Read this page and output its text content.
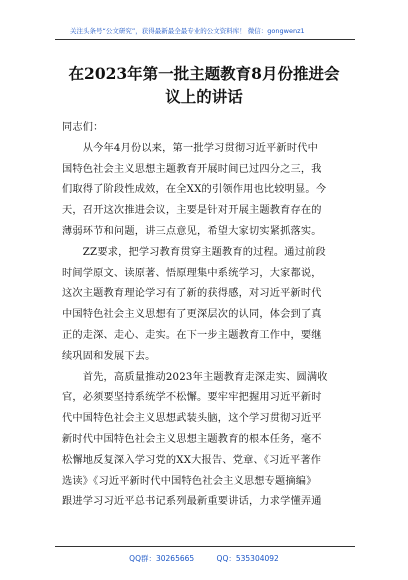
关注头条号“公文研究”，获得最新最全最专业的公文资料库！ 微信：gongwenz1
在2023年第一批主题教育8月份推进会
议上的讲话
同志们：
　　从今年4月份以来，第一批学习贯彻习近平新时代中
国特色社会主义思想主题教育开展时间已过四分之三，我
们取得了阶段性成效，在全XX的引领作用也比较明显。今
天，召开这次推进会议，主要是针对开展主题教育存在的
薄弱环节和问题，讲三点意见，希望大家切实紧抓落实。
　　ZZ要求，把学习教育贯穿主题教育的过程。通过前段
时间学原文、读原著、悟原理集中系统学习，大家都说，
这次主题教育理论学习有了新的获得感，对习近平新时代
中国特色社会主义思想有了更深层次的认同，体会到了真
正的走深、走心、走实。在下一步主题教育工作中，要继
续巩固和发展下去。
　　首先，高质量推动2023年主题教育走深走实、圆满收
官，必须要坚持系统学不松懈。要牢牢把握用习近平新时
代中国特色社会主义思想武装头脑，这个学习贯彻习近平
新时代中国特色社会主义思想主题教育的根本任务，毫不
松懈地反复深入学习党的XX大报告、党章、《习近平著作
选读》《习近平新时代中国特色社会主义思想专题摘编》
跟进学习习近平总书记系列最新重要讲话，力求学懂弄通
QQ群：30265665	QQ：535304092
